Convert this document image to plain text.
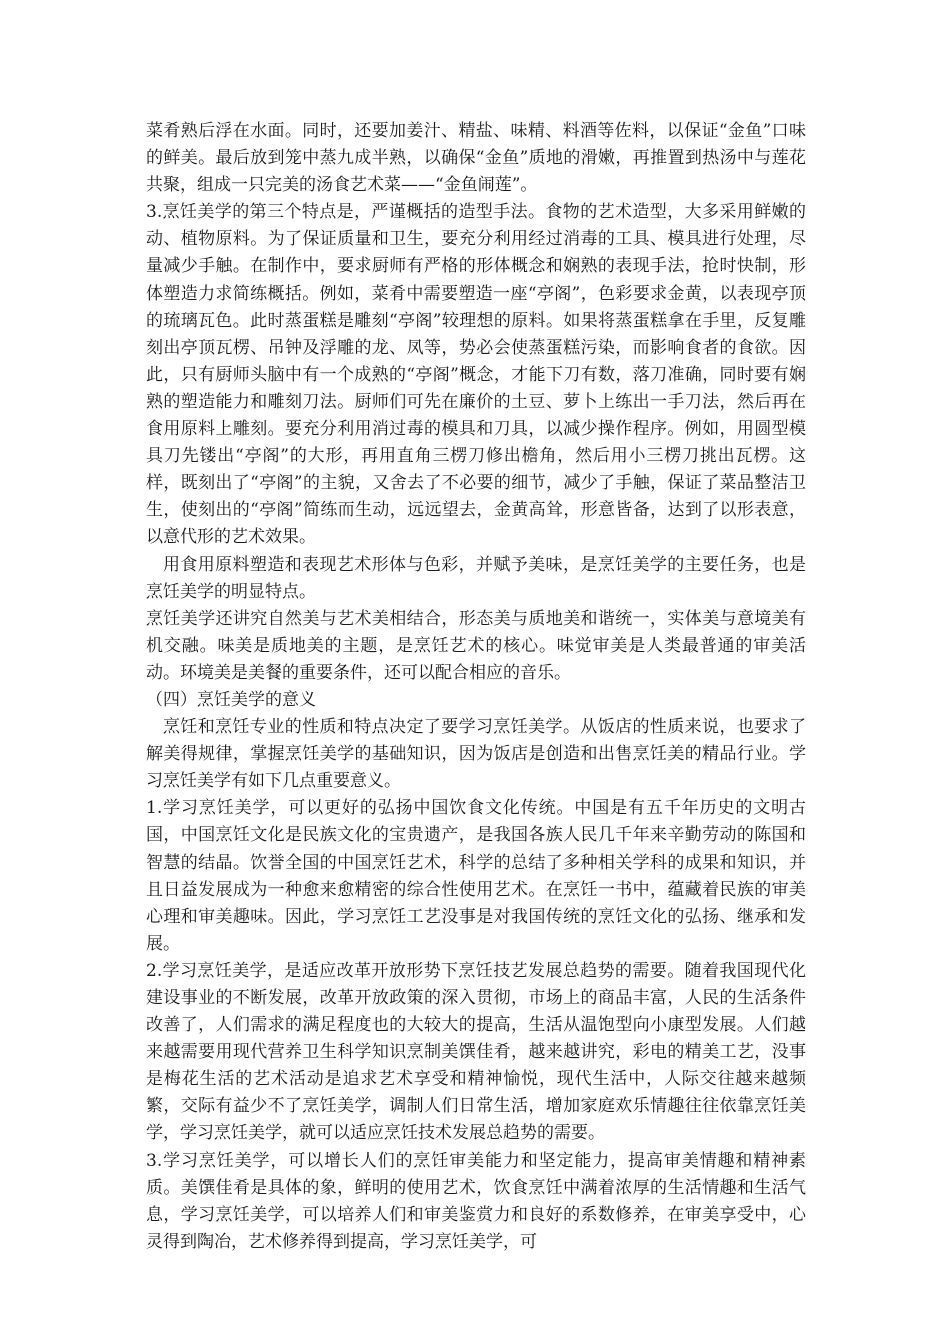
菜肴熟后浮在水面。同时，还要加姜汁、精盐、味精、料酒等佐料，以保证“金鱼”口味的鲜美。最后放到笼中蒸九成半熟，以确保“金鱼”质地的滑嫩，再推置到热汤中与莲花共聚，组成一只完美的汤食艺术菜——“金鱼闹莲”。

3.烹饪美学的第三个特点是，严谨概括的造型手法。食物的艺术造型，大多采用鲜嫩的动、植物原料。为了保证质量和卫生，要充分利用经过消毒的工具、模具进行处理，尽量减少手触。在制作中，要求厨师有严格的形体概念和娴熟的表现手法，抢时快制，形体塑造力求简练概括。例如，菜肴中需要塑造一座“亭阁”，色彩要求金黄，以表现亭顶的琉璃瓦色。此时蒸蛋糕是雕刻“亭阁”较理想的原料。如果将蒸蛋糕拿在手里，反复雕刻出亭顶瓦楞、吊钟及浮雕的龙、凤等，势必会使蒸蛋糕污染，而影响食者的食欲。因此，只有厨师头脑中有一个成熟的“亭阁”概念，才能下刀有数，落刀准确，同时要有娴熟的塑造能力和雕刻刀法。厨师们可先在廉价的土豆、萝卜上练出一手刀法，然后再在食用原料上雕刻。要充分利用消过毒的模具和刀具，以减少操作程序。例如，用圆型模具刀先镂出“亭阁”的大形，再用直角三楞刀修出檐角，然后用小三楞刀挑出瓦楞。这样，既刻出了“亭阁”的主貌，又舍去了不必要的细节，减少了手触，保证了菜品整洁卫生，使刻出的“亭阁”简练而生动，远远望去，金黄高耸，形意皆备，达到了以形表意，以意代形的艺术效果。

用食用原料塑造和表现艺术形体与色彩，并赋予美味，是烹饪美学的主要任务，也是烹饪美学的明显特点。

烹饪美学还讲究自然美与艺术美相结合，形态美与质地美和谐统一，实体美与意境美有机交融。味美是质地美的主题，是烹饪艺术的核心。味觉审美是人类最普通的审美活动。环境美是美餐的重要条件，还可以配合相应的音乐。

（四）烹饪美学的意义

烹饪和烹饪专业的性质和特点决定了要学习烹饪美学。从饭店的性质来说，也要求了解美得规律，掌握烹饪美学的基础知识，因为饭店是创造和出售烹饪美的精品行业。学习烹饪美学有如下几点重要意义。

1.学习烹饪美学，可以更好的弘扬中国饮食文化传统。中国是有五千年历史的文明古国，中国烹饪文化是民族文化的宝贵遗产，是我国各族人民几千年来辛勤劳动的陈国和智慧的结晶。饮誉全国的中国烹饪艺术，科学的总结了多种相关学科的成果和知识，并且日益发展成为一种愈来愈精密的综合性使用艺术。在烹饪一书中，蕴藏着民族的审美心理和审美趣味。因此，学习烹饪工艺没事是对我国传统的烹饪文化的弘扬、继承和发展。

2.学习烹饪美学，是适应改革开放形势下烹饪技艺发展总趋势的需要。随着我国现代化建设事业的不断发展，改革开放政策的深入贯彻，市场上的商品丰富，人民的生活条件改善了，人们需求的满足程度也的大较大的提高，生活从温饱型向小康型发展。人们越来越需要用现代营养卫生科学知识烹制美馔佳肴，越来越讲究，彩电的精美工艺，没事是梅花生活的艺术活动是追求艺术享受和精神愉悦，现代生活中，人际交往越来越频繁，交际有益少不了烹饪美学，调制人们日常生活，增加家庭欢乐情趣往往依靠烹饪美学，学习烹饪美学，就可以适应烹饪技术发展总趋势的需要。

3.学习烹饪美学，可以增长人们的烹饪审美能力和坚定能力，提高审美情趣和精神素质。美馔佳肴是具体的象，鲜明的使用艺术，饮食烹饪中满着浓厚的生活情趣和生活气息，学习烹饪美学，可以培养人们和审美鉴赏力和良好的系数修养，在审美享受中，心灵得到陶冶，艺术修养得到提高，学习烹饪美学，可
